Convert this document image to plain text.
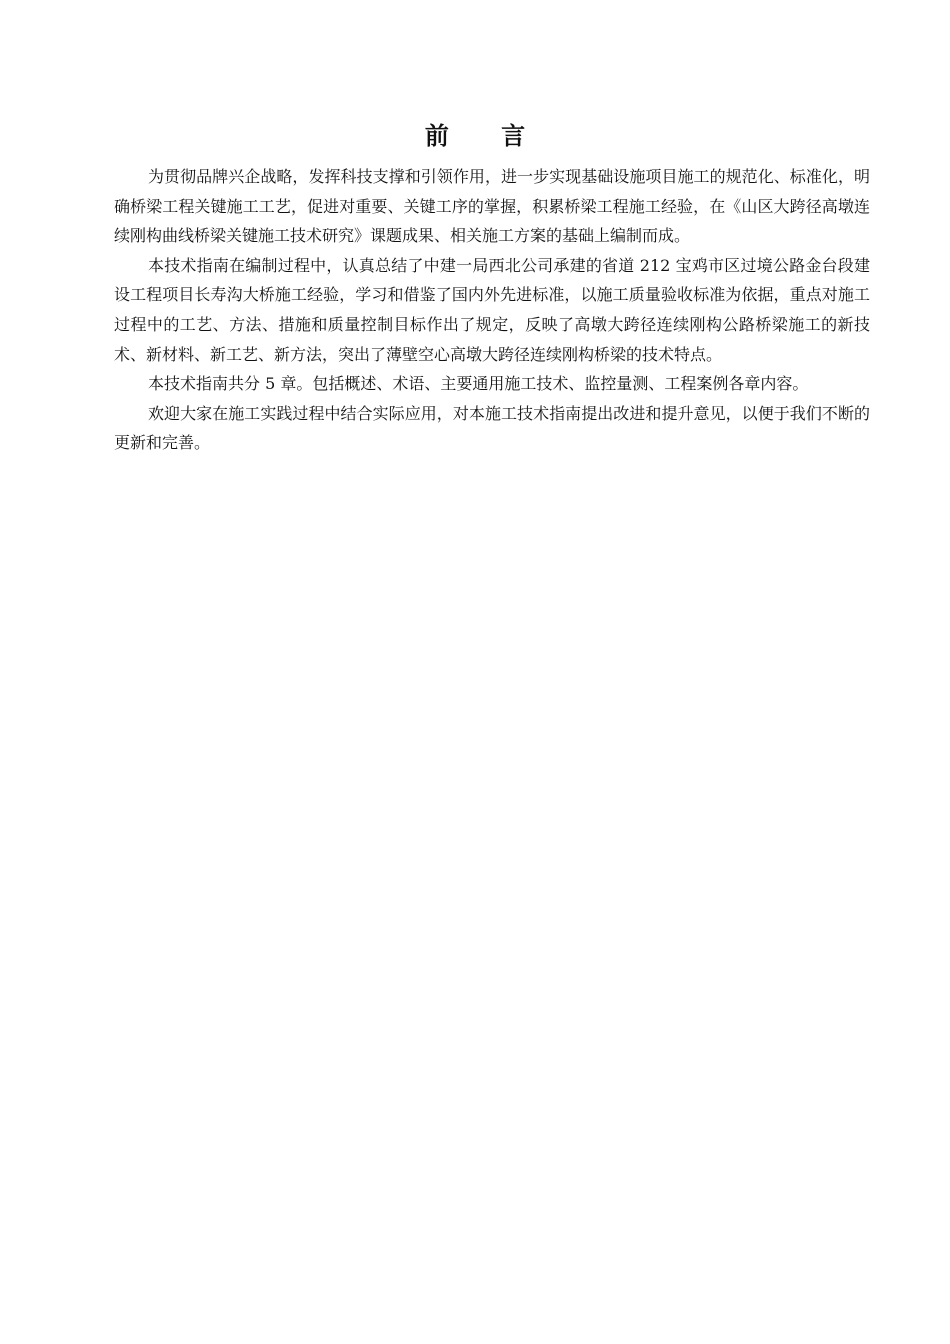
前 言

为贯彻品牌兴企战略，发挥科技支撑和引领作用，进一步实现基础设施项目施工的规范化、标准化，明确桥梁工程关键施工工艺，促进对重要、关键工序的掌握，积累桥梁工程施工经验，在《山区大跨径高墩连续刚构曲线桥梁关键施工技术研究》课题成果、相关施工方案的基础上编制而成。

本技术指南在编制过程中，认真总结了中建一局西北公司承建的省道 212 宝鸡市区过境公路金台段建设工程项目长寿沟大桥施工经验，学习和借鉴了国内外先进标准，以施工质量验收标准为依据，重点对施工过程中的工艺、方法、措施和质量控制目标作出了规定，反映了高墩大跨径连续刚构公路桥梁施工的新技术、新材料、新工艺、新方法，突出了薄壁空心高墩大跨径连续刚构桥梁的技术特点。

本技术指南共分 5 章。包括概述、术语、主要通用施工技术、监控量测、工程案例各章内容。

欢迎大家在施工实践过程中结合实际应用，对本施工技术指南提出改进和提升意见，以便于我们不断的更新和完善。
